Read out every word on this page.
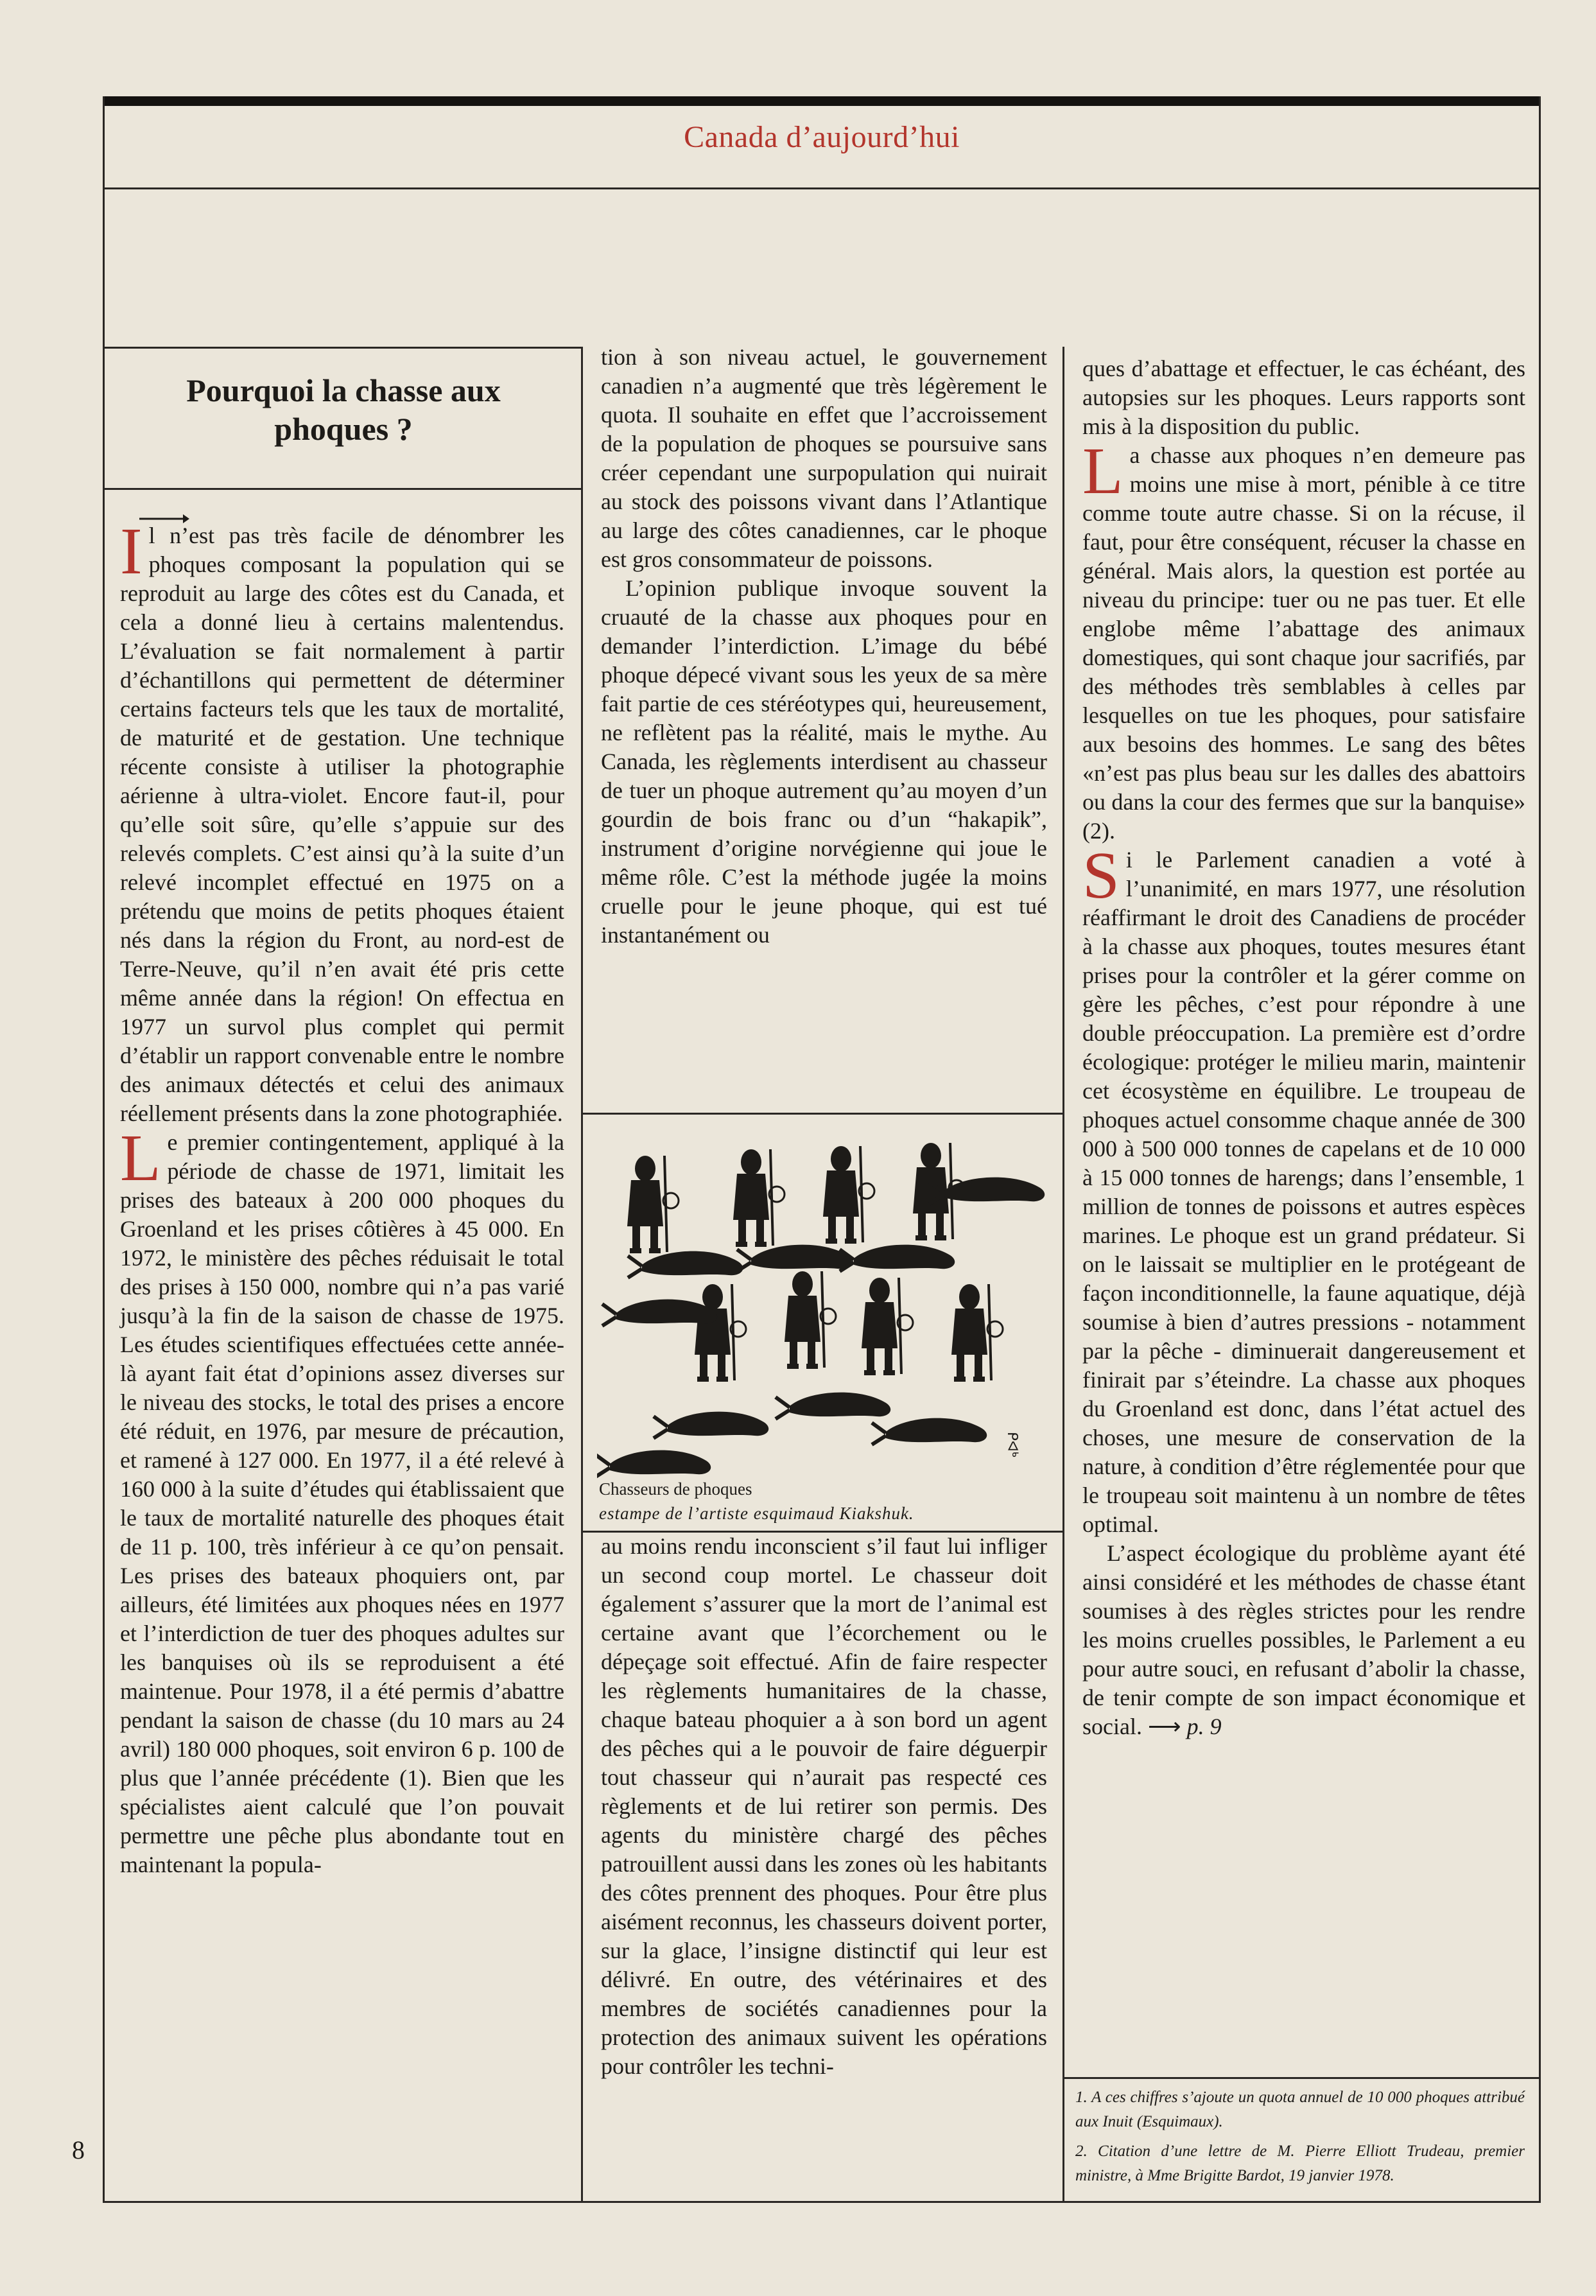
Canada d’aujourd’hui
Pourquoi la chasse aux phoques ?

Il n’est pas très facile de dénombrer les phoques composant la population qui se reproduit au large des côtes est du Canada, et cela a donné lieu à certains malentendus. L’évaluation se fait normalement à partir d’échantillons qui permettent de déterminer certains facteurs tels que les taux de mortalité, de maturité et de gestation. Une technique récente consiste à utiliser la photographie aérienne à ultra-violet. Encore faut-il, pour qu’elle soit sûre, qu’elle s’appuie sur des relevés complets. C’est ainsi qu’à la suite d’un relevé incomplet effectué en 1975 on a prétendu que moins de petits phoques étaient nés dans la région du Front, au nord-est de Terre-Neuve, qu’il n’en avait été pris cette même année dans la région! On effectua en 1977 un survol plus complet qui permit d’établir un rapport convenable entre le nombre des animaux détectés et celui des animaux réellement présents dans la zone photographiée.

Le premier contingentement, appliqué à la période de chasse de 1971, limitait les prises des bateaux à 200 000 phoques du Groenland et les prises côtières à 45 000. En 1972, le ministère des pêches réduisait le total des prises à 150 000, nombre qui n’a pas varié jusqu’à la fin de la saison de chasse de 1975. Les études scientifiques effectuées cette année-là ayant fait état d’opinions assez diverses sur le niveau des stocks, le total des prises a encore été réduit, en 1976, par mesure de précaution, et ramené à 127 000. En 1977, il a été relevé à 160 000 à la suite d’études qui établissaient que le taux de mortalité naturelle des phoques était de 11 p. 100, très inférieur à ce qu’on pensait. Les prises des bateaux phoquiers ont, par ailleurs, été limitées aux phoques nées en 1977 et l’interdiction de tuer des phoques adultes sur les banquises où ils se reproduisent a été maintenue. Pour 1978, il a été permis d’abattre pendant la saison de chasse (du 10 mars au 24 avril) 180 000 phoques, soit environ 6 p. 100 de plus que l’année précédente (1). Bien que les spécialistes aient calculé que l’on pouvait permettre une pêche plus abondante tout en maintenant la popula-

tion à son niveau actuel, le gouvernement canadien n’a augmenté que très légèrement le quota. Il souhaite en effet que l’accroissement de la population de phoques se poursuive sans créer cependant une surpopulation qui nuirait au stock des poissons vivant dans l’Atlantique au large des côtes canadiennes, car le phoque est gros consommateur de poissons.

L’opinion publique invoque souvent la cruauté de la chasse aux phoques pour en demander l’interdiction. L’image du bébé phoque dépecé vivant sous les yeux de sa mère fait partie de ces stéréotypes qui, heureusement, ne reflètent pas la réalité, mais le mythe. Au Canada, les règlements interdisent au chasseur de tuer un phoque autrement qu’au moyen d’un gourdin de bois franc ou d’un “hakapik”, instrument d’origine norvégienne qui joue le même rôle. C’est la méthode jugée la moins cruelle pour le jeune phoque, qui est tué instantanément ou

ᑭᐊᒃ
Chasseurs de phoques
estampe de l’artiste esquimaud Kiakshuk.

au moins rendu inconscient s’il faut lui infliger un second coup mortel. Le chasseur doit également s’assurer que la mort de l’animal est certaine avant que l’écorchement ou le dépeçage soit effectué. Afin de faire respecter les règlements humanitaires de la chasse, chaque bateau phoquier a à son bord un agent des pêches qui a le pouvoir de faire déguerpir tout chasseur qui n’aurait pas respecté ces règlements et de lui retirer son permis. Des agents du ministère chargé des pêches patrouillent aussi dans les zones où les habitants des côtes prennent des phoques. Pour être plus aisément reconnus, les chasseurs doivent porter, sur la glace, l’insigne distinctif qui leur est délivré. En outre, des vétérinaires et des membres de sociétés canadiennes pour la protection des animaux suivent les opérations pour contrôler les techni-

ques d’abattage et effectuer, le cas échéant, des autopsies sur les phoques. Leurs rapports sont mis à la disposition du public.

La chasse aux phoques n’en demeure pas moins une mise à mort, pénible à ce titre comme toute autre chasse. Si on la récuse, il faut, pour être conséquent, récuser la chasse en général. Mais alors, la question est portée au niveau du principe: tuer ou ne pas tuer. Et elle englobe même l’abattage des animaux domestiques, qui sont chaque jour sacrifiés, par des méthodes très semblables à celles par lesquelles on tue les phoques, pour satisfaire aux besoins des hommes. Le sang des bêtes «n’est pas plus beau sur les dalles des abattoirs ou dans la cour des fermes que sur la banquise» (2).

Si le Parlement canadien a voté à l’unanimité, en mars 1977, une résolution réaffirmant le droit des Canadiens de procéder à la chasse aux phoques, toutes mesures étant prises pour la contrôler et la gérer comme on gère les pêches, c’est pour répondre à une double préoccupation. La première est d’ordre écologique: protéger le milieu marin, maintenir cet écosystème en équilibre. Le troupeau de phoques actuel consomme chaque année de 300 000 à 500 000 tonnes de capelans et de 10 000 à 15 000 tonnes de harengs; dans l’ensemble, 1 million de tonnes de poissons et autres espèces marines. Le phoque est un grand prédateur. Si on le laissait se multiplier en le protégeant de façon inconditionnelle, la faune aquatique, déjà soumise à bien d’autres pressions - notamment par la pêche - diminuerait dangereusement et finirait par s’éteindre. La chasse aux phoques du Groenland est donc, dans l’état actuel des choses, une mesure de conservation de la nature, à condition d’être réglementée pour que le troupeau soit maintenu à un nombre de têtes optimal.

L’aspect écologique du problème ayant été ainsi considéré et les méthodes de chasse étant soumises à des règles strictes pour les rendre les moins cruelles possibles, le Parlement a eu pour autre souci, en refusant d’abolir la chasse, de tenir compte de son impact économique et social. ⟶ p. 9

1. A ces chiffres s’ajoute un quota annuel de 10 000 phoques attribué aux Inuit (Esquimaux).

2. Citation d’une lettre de M. Pierre Elliott Trudeau, premier ministre, à Mme Brigitte Bardot, 19 janvier 1978.

8
